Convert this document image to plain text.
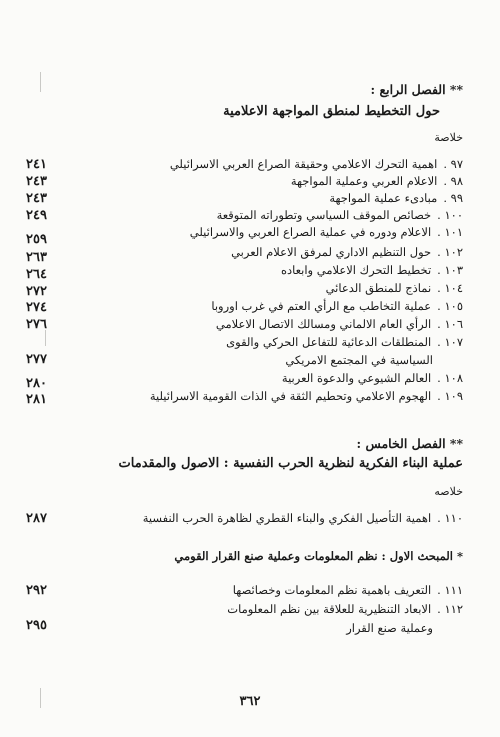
** الفصل الرابع :
حول التخطيط لمنطق المواجهة الاعلامية
خلاصة
٩٧ .اهمية التحرك الاعلامي وحقيقة الصراع العربي الاسرائيلي
٢٤١
٩٨ .الاعلام العربي وعملية المواجهة
٢٤٣
٩٩ .مبادىء عملية المواجهة
٢٤٣
١٠٠ .خصائص الموقف السياسي وتطوراته المتوقعة
٢٤٩
١٠١ .الاعلام ودوره في عملية الصراع العربي والاسرائيلي
٢٥٩
١٠٢ .حول التنظيم الاداري لمرفق الاعلام العربي
٢٦٣
١٠٣ .تخطيط التحرك الاعلامي وابعاده
٢٦٤
١٠٤ .نماذج للمنطق الدعائي
٢٧٢
١٠٥ .عملية التخاطب مع الرأي العتم في غرب اوروبا
٢٧٤
١٠٦ .الرأي العام الالماني ومسالك الاتصال الاعلامي
٢٧٦
١٠٧ .المنطلقات الدعائية للتفاعل الحركي والقوى
السياسية في المجتمع الامريكي
٢٧٧
١٠٨ .العالم الشيوعي والدعوة العربية
٢٨٠
١٠٩ .الهجوم الاعلامي وتحطيم الثقة في الذات القومية الاسرائيلية
٢٨١
** الفصل الخامس :
عملية البناء الفكرية لنظرية الحرب النفسية : الاصول والمقدمات
خلاصه
١١٠ .اهمية التأصيل الفكري والبناء القطري لظاهرة الحرب النفسية
٢٨٧
* المبحث الاول : نظم المعلومات وعملية صنع القرار القومي
١١١ .التعريف باهمية نظم المعلومات وخصائصها
٢٩٢
١١٢ .الابعاد التنظيرية للعلاقة بين نظم المعلومات
وعملية صنع القرار
٢٩٥
٣٦٢
